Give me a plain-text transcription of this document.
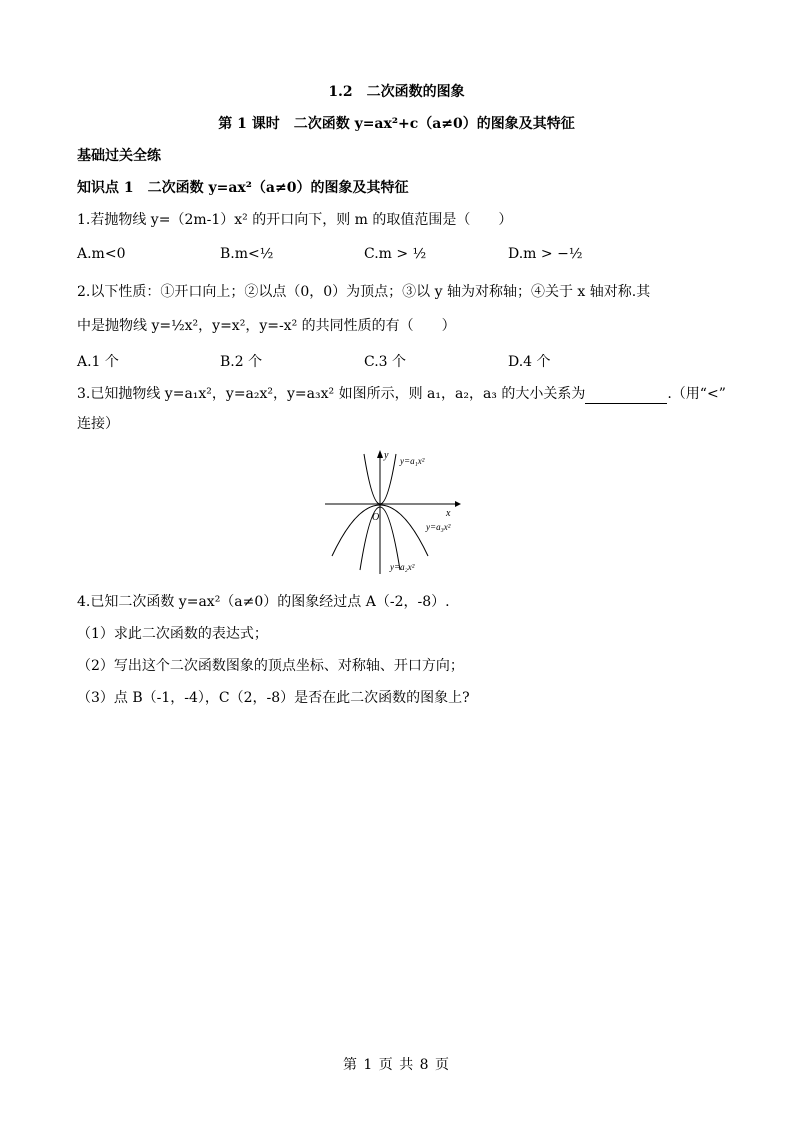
1.2　二次函数的图象
第 1 课时　二次函数 y=ax²+c（a≠0）的图象及其特征
基础过关全练
知识点 1　二次函数 y=ax²（a≠0）的图象及其特征
1.若抛物线 y=（2m-1）x² 的开口向下，则 m 的取值范围是（　　）
A.m<0	B.m<½	C.m > ½	D.m > −½
2.以下性质：①开口向上；②以点（0，0）为顶点；③以 y 轴为对称轴；④关于 x 轴对称.其
中是抛物线 y=½x²，y=x²，y=-x² 的共同性质的有（　　）
A.1 个	B.2 个	C.3 个	D.4 个
3.已知抛物线 y=a₁x²，y=a₂x²，y=a₃x² 如图所示，则 a₁，a₂，a₃ 的大小关系为	.（用“<”
连接）
y
x
O
y=a₁x²
y=a₃x²
y=a₂x²
4.已知二次函数 y=ax²（a≠0）的图象经过点 A（-2，-8）.
（1）求此二次函数的表达式；
（2）写出这个二次函数图象的顶点坐标、对称轴、开口方向；
（3）点 B（-1，-4），C（2，-8）是否在此二次函数的图象上?
第 1 页 共 8 页
